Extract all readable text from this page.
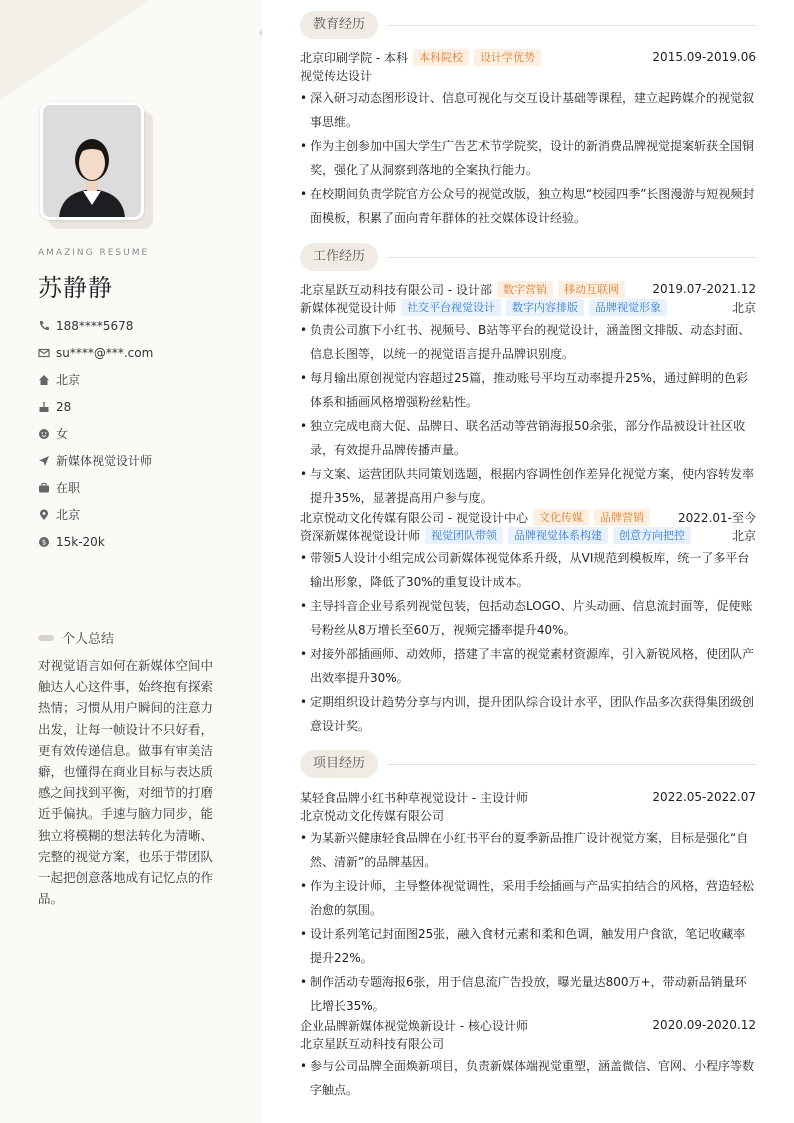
AMAZING RESUME
苏静静
188****5678
su****@***.com
北京
28
女
新媒体视觉设计师
在职
北京
$ 15k-20k
个人总结

对视觉语言如何在新媒体空间中触达人心这件事，始终抱有探索热情；习惯从用户瞬间的注意力出发，让每一帧设计不只好看，更有效传递信息。做事有审美洁癖，也懂得在商业目标与表达质感之间找到平衡，对细节的打磨近乎偏执。手速与脑力同步，能独立将模糊的想法转化为清晰、完整的视觉方案，也乐于带团队一起把创意落地成有记忆点的作品。

教育经历
北京印刷学院 - 本科	本科院校	设计学优势	2015.09-2019.06
视觉传达设计
• 深入研习动态图形设计、信息可视化与交互设计基础等课程，建立起跨媒介的视觉叙事思维。
• 作为主创参加中国大学生广告艺术节学院奖，设计的新消费品牌视觉提案斩获全国铜奖，强化了从洞察到落地的全案执行能力。
• 在校期间负责学院官方公众号的视觉改版，独立构思“校园四季”长图漫游与短视频封面模板，积累了面向青年群体的社交媒体设计经验。
工作经历
北京星跃互动科技有限公司 - 设计部	数字营销	移动互联网	2019.07-2021.12
新媒体视觉设计师	社交平台视觉设计	数字内容排版	品牌视觉形象	北京
• 负责公司旗下小红书、视频号、B站等平台的视觉设计，涵盖图文排版、动态封面、信息长图等，以统一的视觉语言提升品牌识别度。
• 每月输出原创视觉内容超过25篇，推动账号平均互动率提升25%，通过鲜明的色彩体系和插画风格增强粉丝粘性。
• 独立完成电商大促、品牌日、联名活动等营销海报50余张，部分作品被设计社区收录，有效提升品牌传播声量。
• 与文案、运营团队共同策划选题，根据内容调性创作差异化视觉方案，使内容转发率提升35%，显著提高用户参与度。
北京悦动文化传媒有限公司 - 视觉设计中心	文化传媒	品牌营销	2022.01-至今
资深新媒体视觉设计师	视觉团队带领	品牌视觉体系构建	创意方向把控	北京
• 带领5人设计小组完成公司新媒体视觉体系升级，从VI规范到模板库，统一了多平台输出形象，降低了30%的重复设计成本。
• 主导抖音企业号系列视觉包装，包括动态LOGO、片头动画、信息流封面等，促使账号粉丝从8万增长至60万，视频完播率提升40%。
• 对接外部插画师、动效师，搭建了丰富的视觉素材资源库，引入新锐风格，使团队产出效率提升30%。
• 定期组织设计趋势分享与内训，提升团队综合设计水平，团队作品多次获得集团级创意设计奖。
项目经历
某轻食品牌小红书种草视觉设计 - 主设计师	2022.05-2022.07
北京悦动文化传媒有限公司
• 为某新兴健康轻食品牌在小红书平台的夏季新品推广设计视觉方案，目标是强化“自然、清新”的品牌基因。
• 作为主设计师，主导整体视觉调性，采用手绘插画与产品实拍结合的风格，营造轻松治愈的氛围。
• 设计系列笔记封面图25张，融入食材元素和柔和色调，触发用户食欲，笔记收藏率提升22%。
• 制作活动专题海报6张，用于信息流广告投放，曝光量达800万+，带动新品销量环比增长35%。
企业品牌新媒体视觉焕新设计 - 核心设计师	2020.09-2020.12
北京星跃互动科技有限公司
• 参与公司品牌全面焕新项目，负责新媒体端视觉重塑，涵盖微信、官网、小程序等数字触点。
